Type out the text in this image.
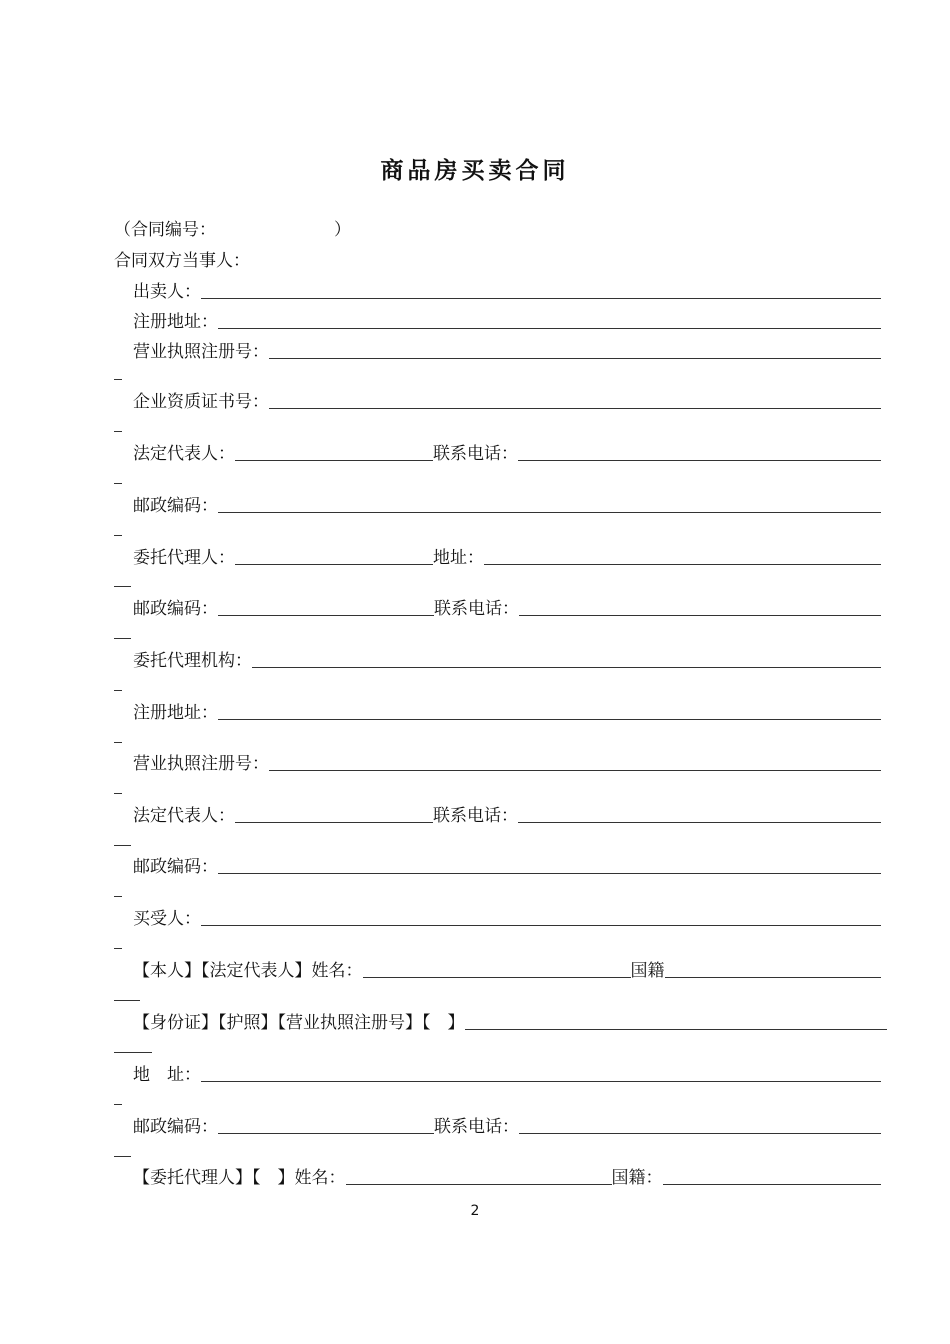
商品房买卖合同
（合同编号：	）
合同双方当事人：
出卖人：
注册地址：
营业执照注册号：
企业资质证书号：
法定代表人：	联系电话：
邮政编码：
委托代理人：	地址：
邮政编码：	联系电话：
委托代理机构：
注册地址：
营业执照注册号：
法定代表人：	联系电话：
邮政编码：
买受人：
【本人】【法定代表人】姓名：	国籍
【身份证】【护照】【营业执照注册号】【　】
地　址：
邮政编码：	联系电话：
【委托代理人】【　】姓名：	国籍：
2
